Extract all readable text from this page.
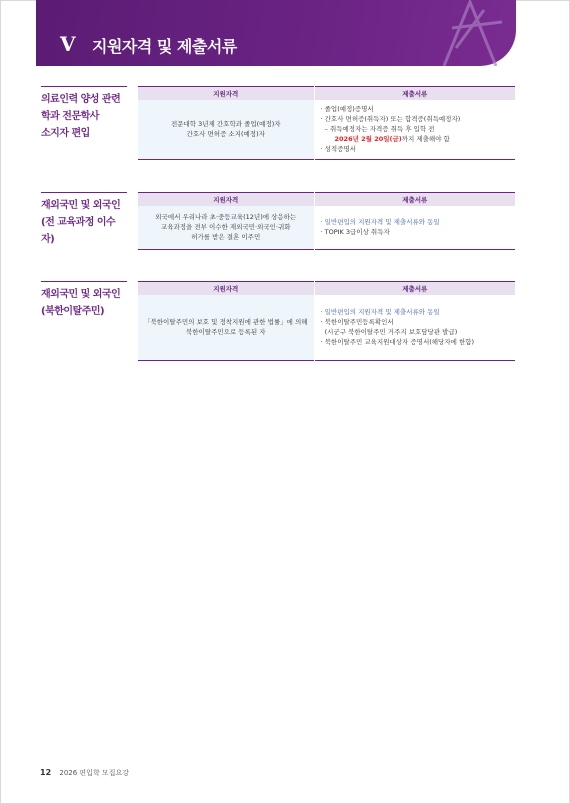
V 지원자격 및 제출서류
의료인력 양성 관련
학과 전문학사
소지자 편입
지원자격	제출서류

전문대학 3년제 간호학과 졸업(예정)자
간호사 면허증 소지(예정)자	· 졸업(예정)증명서
· 간호사 면허증(취득자) 또는 합격증(취득예정자)
– 취득예정자는 자격증 취득 후 입학 전
2026년 2월 20일(금)까지 제출해야 함
· 성적증명서
재외국민 및 외국인
(전 교육과정 이수자)
지원자격	제출서류

외국에서 우리나라 초·중등교육(12년)에 상응하는
교육과정을 전부 이수한 재외국민·외국인·귀화
허가를 받은 결혼 이주민	· 일반편입의 지원자격 및 제출서류와 동일
· TOPIK 3급이상 취득자
재외국민 및 외국인
(북한이탈주민)
지원자격	제출서류

「북한이탈주민의 보호 및 정착지원에 관한 법률」에 의해
북한이탈주민으로 등록된 자	· 일반편입의 지원자격 및 제출서류와 동일
· 북한이탈주민등록확인서
(시군구 북한이탈주민 거주지 보호담당관 발급)
· 북한이탈주민 교육지원대상자 증명서(해당자에 한함)
12 2026 편입학 모집요강
